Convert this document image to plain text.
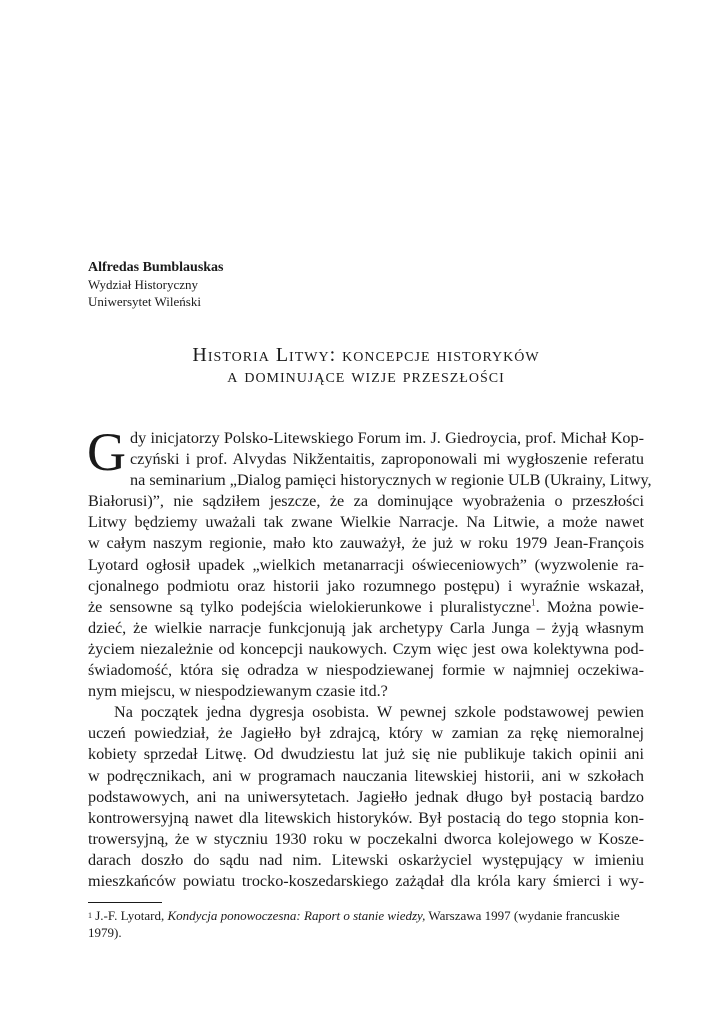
Alfredas Bumblauskas
Wydział Historyczny
Uniwersytet Wileński
Historia Litwy: koncepcje historyków
a dominujące wizje przeszłości
G dy inicjatorzy Polsko-Litewskiego Forum im. J. Giedroycia, prof. Michał Kop-
czyński i prof. Alvydas Nikžentaitis, zaproponowali mi wygłoszenie referatu
na seminarium „Dialog pamięci historycznych w regionie ULB (Ukrainy, Litwy,
Białorusi)”, nie sądziłem jeszcze, że za dominujące wyobrażenia o przeszłości
Litwy będziemy uważali tak zwane Wielkie Narracje. Na Litwie, a może nawet
w całym naszym regionie, mało kto zauważył, że już w roku 1979 Jean-François
Lyotard ogłosił upadek „wielkich metanarracji oświeceniowych” (wyzwolenie ra-
cjonalnego podmiotu oraz historii jako rozumnego postępu) i wyraźnie wskazał,
że sensowne są tylko podejścia wielokierunkowe i pluralistyczne$^1$. Można powie-
dzieć, że wielkie narracje funkcjonują jak archetypy Carla Junga – żyją własnym
życiem niezależnie od koncepcji naukowych. Czym więc jest owa kolektywna pod-
świadomość, która się odradza w niespodziewanej formie w najmniej oczekiwa-
nym miejscu, w niespodziewanym czasie itd.?
Na początek jedna dygresja osobista. W pewnej szkole podstawowej pewien
uczeń powiedział, że Jagiełło był zdrajcą, który w zamian za rękę niemoralnej
kobiety sprzedał Litwę. Od dwudziestu lat już się nie publikuje takich opinii ani
w podręcznikach, ani w programach nauczania litewskiej historii, ani w szkołach
podstawowych, ani na uniwersytetach. Jagiełło jednak długo był postacią bardzo
kontrowersyjną nawet dla litewskich historyków. Był postacią do tego stopnia kon-
trowersyjną, że w styczniu 1930 roku w poczekalni dworca kolejowego w Kosze-
darach doszło do sądu nad nim. Litewski oskarżyciel występujący w imieniu
mieszkańców powiatu trocko-koszedarskiego zażądał dla króla kary śmierci i wy-
$^1$ J.-F. Lyotard, Kondycja ponowoczesna: Raport o stanie wiedzy, Warszawa 1997 (wydanie francuskie
1979).
